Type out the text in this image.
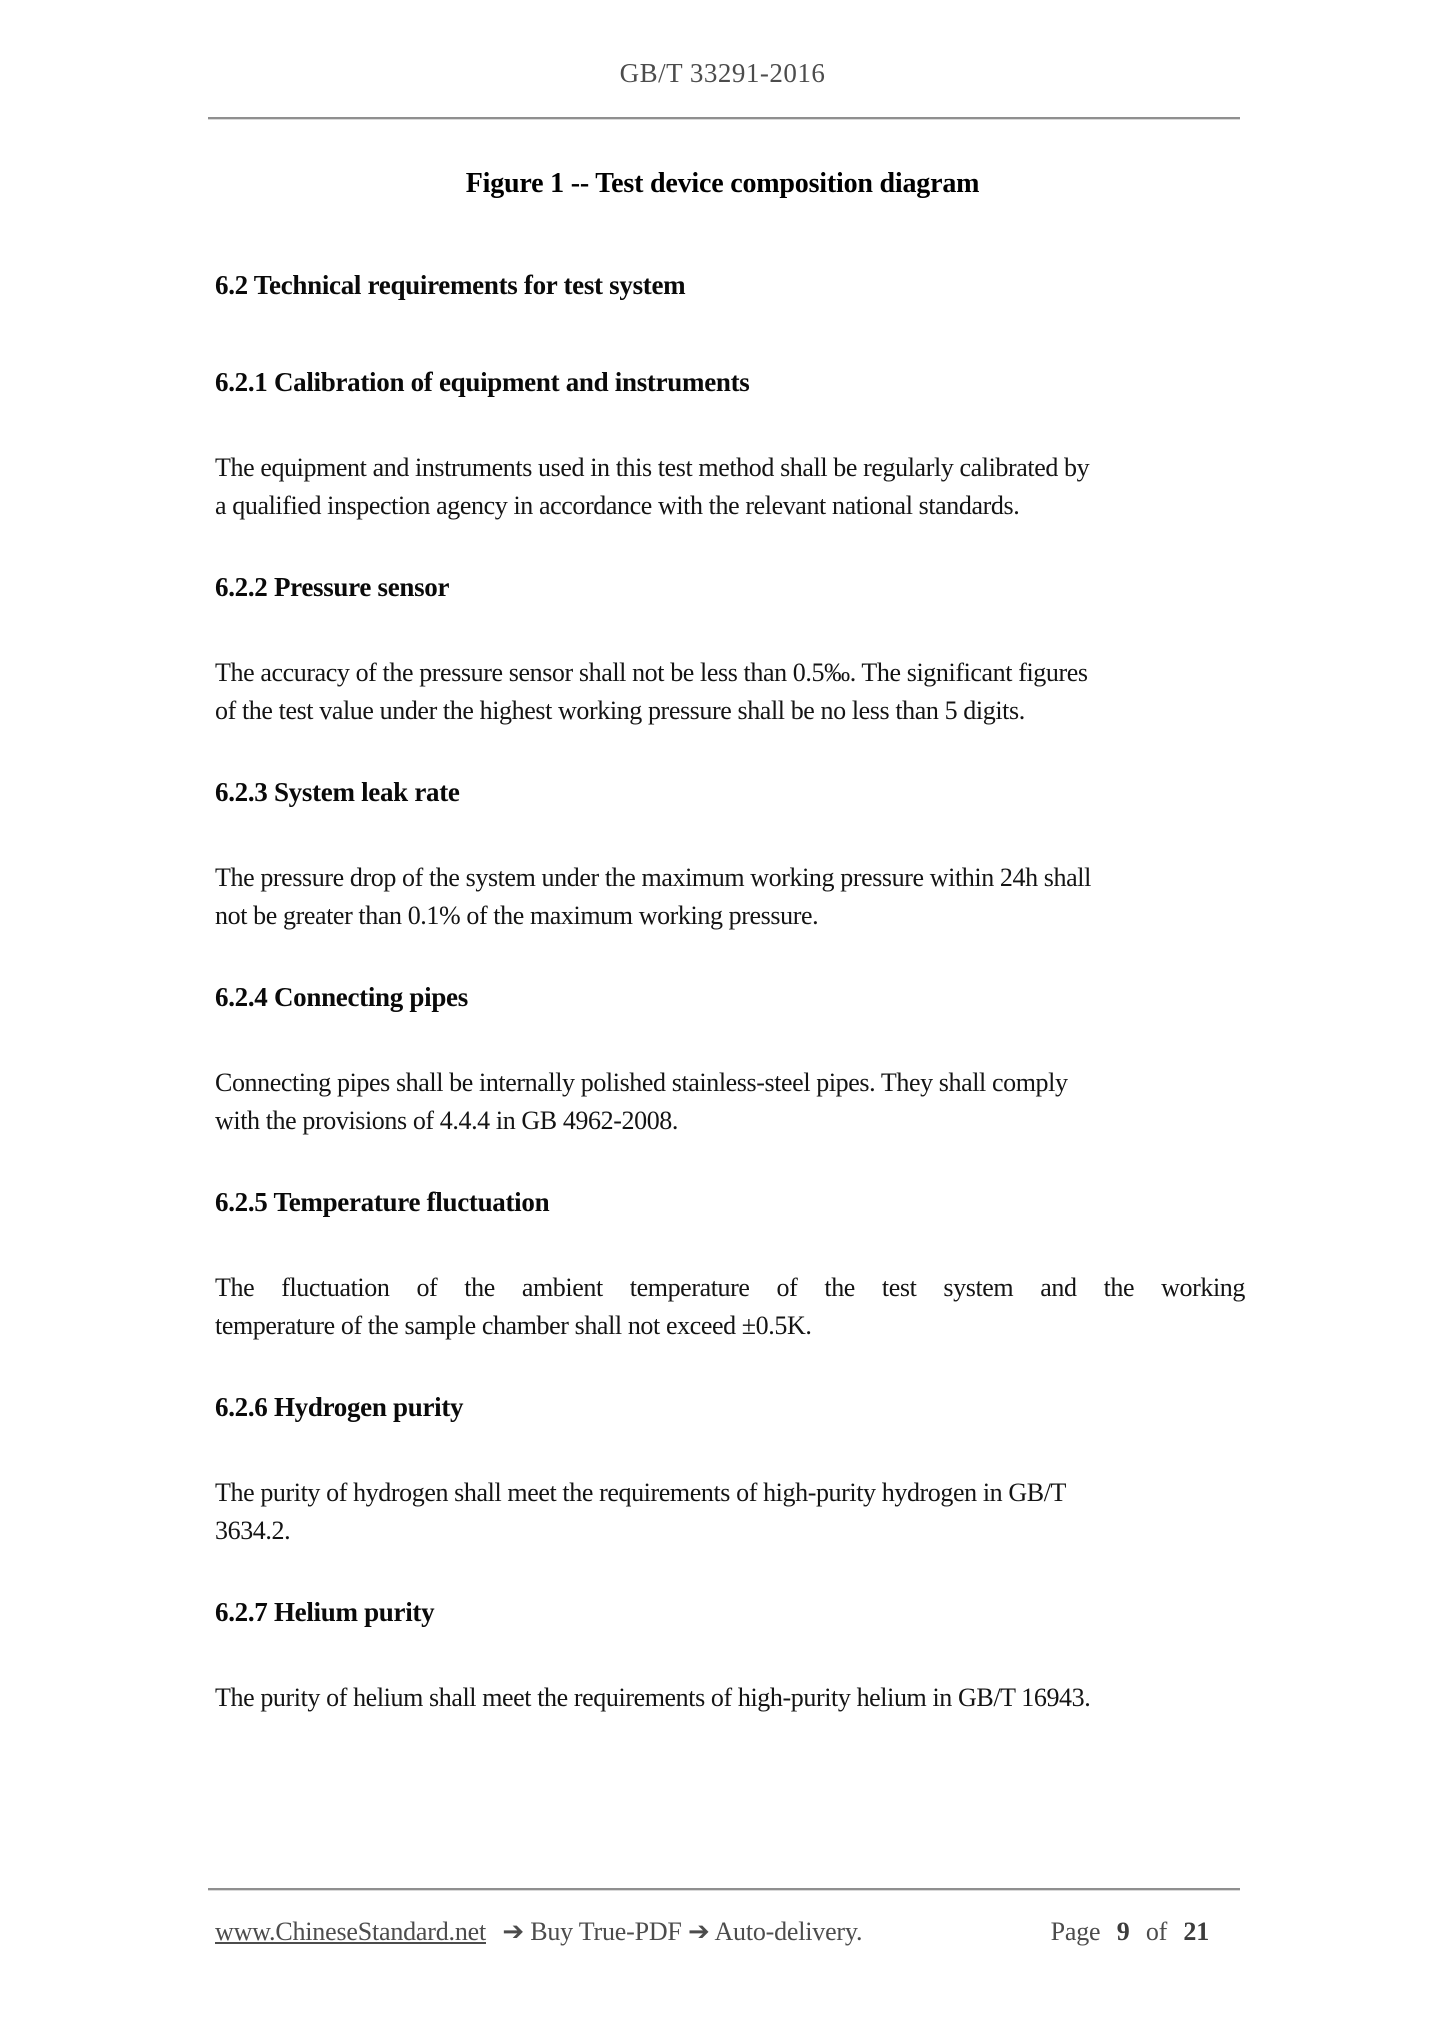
GB/T 33291-2016
Figure 1 -- Test device composition diagram
6.2 Technical requirements for test system
6.2.1 Calibration of equipment and instruments
The equipment and instruments used in this test method shall be regularly calibrated by
a qualified inspection agency in accordance with the relevant national standards.
6.2.2 Pressure sensor
The accuracy of the pressure sensor shall not be less than 0.5‰. The significant figures
of the test value under the highest working pressure shall be no less than 5 digits.
6.2.3 System leak rate
The pressure drop of the system under the maximum working pressure within 24h shall
not be greater than 0.1% of the maximum working pressure.
6.2.4 Connecting pipes
Connecting pipes shall be internally polished stainless-steel pipes. They shall comply
with the provisions of 4.4.4 in GB 4962-2008.
6.2.5 Temperature fluctuation
The fluctuation of the ambient temperature of the test system and the working
temperature of the sample chamber shall not exceed ±0.5K.
6.2.6 Hydrogen purity
The purity of hydrogen shall meet the requirements of high-purity hydrogen in GB/T
3634.2.
6.2.7 Helium purity
The purity of helium shall meet the requirements of high-purity helium in GB/T 16943.
www.ChineseStandard.net ➔ Buy True-PDF ➔ Auto-delivery.	Page 9 of 21
